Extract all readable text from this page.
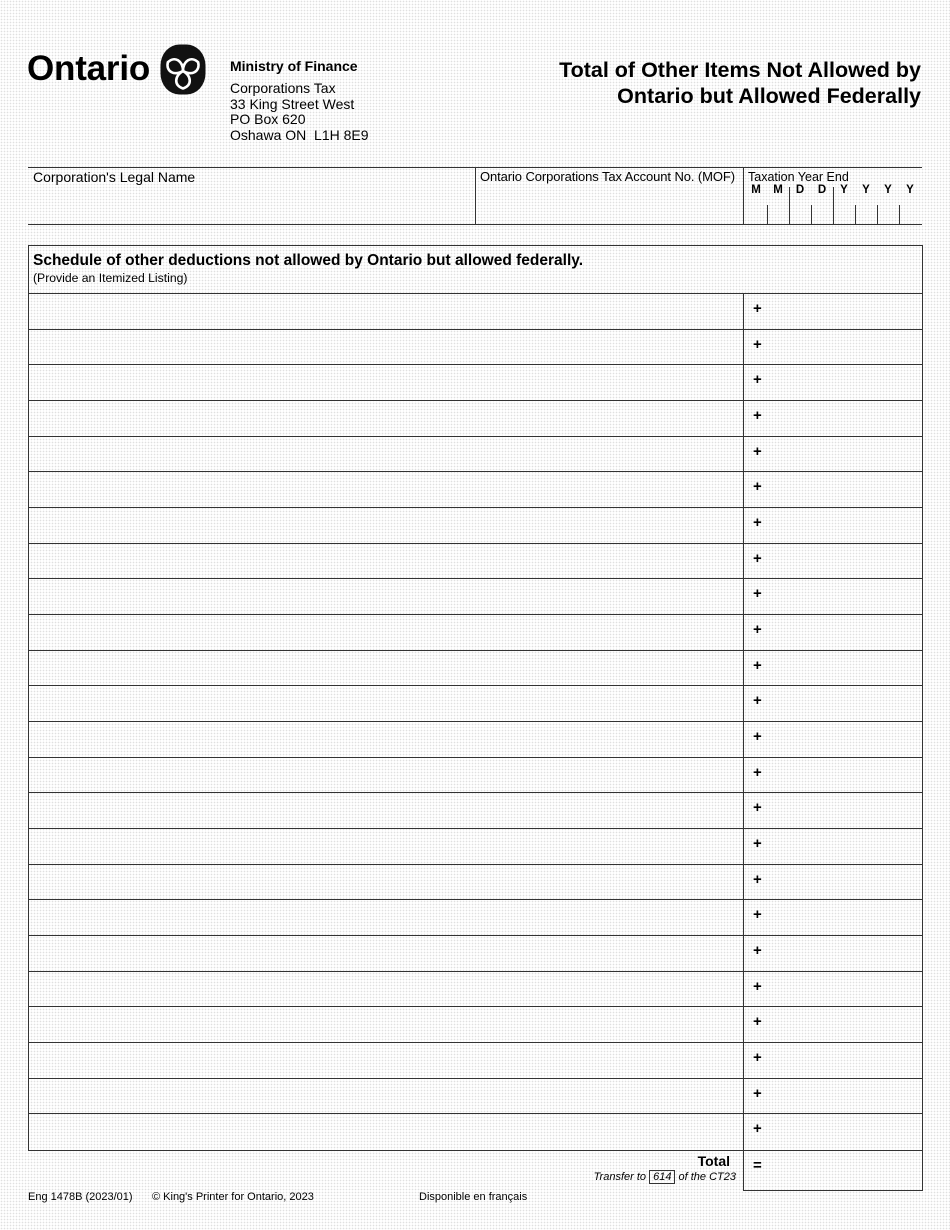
Ontario	Ministry of Finance
Corporations Tax
33 King Street West
PO Box 620
Oshawa ON  L1H 8E9
Total of Other Items Not Allowed by
Ontario but Allowed Federally
Corporation's Legal Name	Ontario Corporations Tax Account No. (MOF) Taxation Year End
M	M	D	D	Y	Y	Y	Y
Schedule of other deductions not allowed by Ontario but allowed federally.
(Provide an Itemized Listing)
+
+
+
+
+
+
+
+
+
+
+
+
+
+
+
+
+
+
+
+
+
+
+
+
Total
Transfer to 614 of the CT23
=
Eng 1478B (2023/01) © King's Printer for Ontario, 2023	Disponible en français
